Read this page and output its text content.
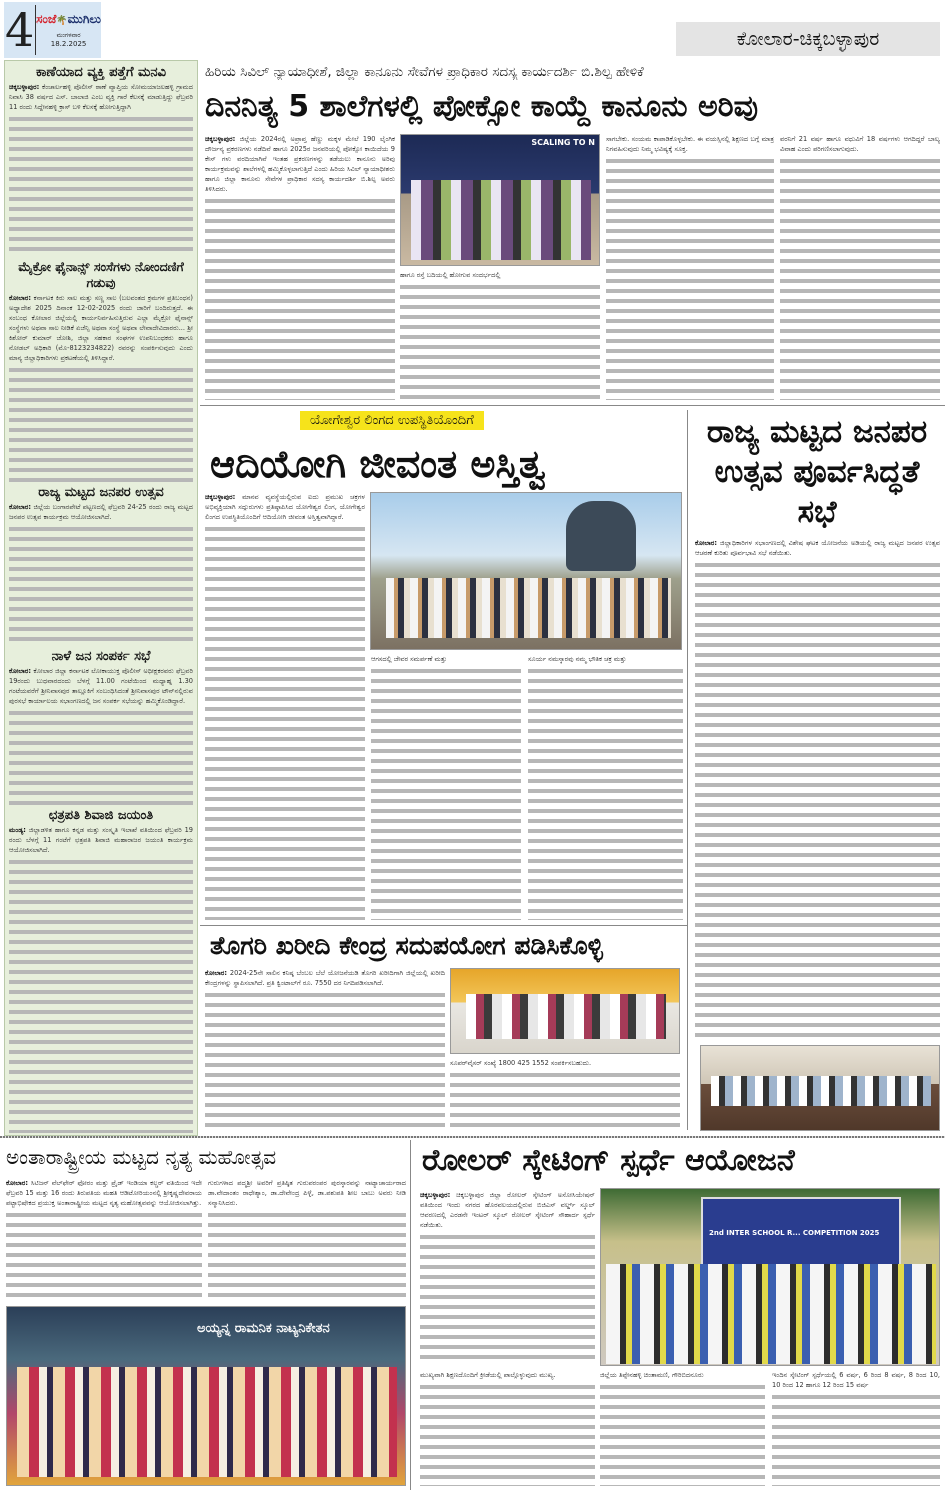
4 ಸಂಜೆ🌴ಮುಗಿಲು
ಮಂಗಳವಾರ
18.2.2025	ಕೋಲಾರ-ಚಿಕ್ಕಬಳ್ಳಾಪುರ
ಕಾಣೆಯಾದ ವ್ಯಕ್ತಿ ಪತ್ತೆಗೆ ಮನವಿ

ಚಿಕ್ಕಬಳ್ಳಾಪುರ: ಕೆಂಚಾರ್ಲಹಳ್ಳಿ ಪೊಲೀಸ್ ಠಾಣೆ ವ್ಯಾಪ್ತಿಯ ಸೋಮಯಾಜಲಹಳ್ಳಿ ಗ್ರಾಮದ ನಿವಾಸಿ 38 ವರ್ಷದ ಎಸ್. ಬಾಲಾಜಿ ಎಂಬ ವ್ಯಕ್ತಿ ಗಾರೆ ಕೆಲಸಕ್ಕೆ ಮಾಡುತ್ತಿದ್ದು ಫೆಬ್ರವರಿ 11 ರಂದು ಸಿದ್ದೇನಹಳ್ಳಿ ಕ್ರಾಸ್ ಬಳಿ ಕೆಲಸಕ್ಕೆ ಹೋಗುತ್ತಿದ್ದಾಗಿ

ಮೈಕ್ರೋ ಫೈನಾನ್ಸ್ ಸಂಸೆಗಳು ನೋಂದಣಿಗೆ ಗಡುವು

ಕೋಲಾರ: ಕರ್ನಾಟಕ ಕಿರು ಸಾಲ ಮತ್ತು ಸಣ್ಣ ಸಾಲ (ಬಲವಂತದ ಕ್ರಮಗಳ ಪ್ರತಿಬಂಧನ) ಅಧ್ಯಾದೇಶ 2025 ದಿನಾಂಕ 12-02-2025 ರಂದು ಜಾರಿಗೆ ಬಂದಿರುತ್ತದೆ. ಈ ಸಂಬಂಧ ಕೋಲಾರ ಜಿಲ್ಲೆಯಲ್ಲಿ ಕಾರ್ಯನಿರ್ವಹಿಸುತ್ತಿರುವ ಎಲ್ಲಾ ಮೈಕ್ರೋ ಫೈನಾನ್ಸ್ ಸಂಸ್ಥೆಗಳು ಅಥವಾ ಸಾಲ ನೀಡಿಕೆ ಏಜೆನ್ಸಿ ಅಥವಾ ಸಂಸ್ಥೆ ಅಥವಾ ಲೇವಾದೇವಿದಾರರು... ಶ್ರೀ ಕಿಶೋರ್ ಕುಮಾರ್ ಜೋಶಿ, ಜಿಲ್ಲಾ ಸಹಕಾರ ಸಂಘಗಳ ಉಪನಿಬಂಧಕರು ಹಾಗೂ ನೋಡಲ್ ಅಧಿಕಾರಿ (ಮೊ-8123234822) ರವರನ್ನು ಸಂಪರ್ಕಿಸುವುದು ಎಂದು ಮಾನ್ಯ ಜಿಲ್ಲಾಧಿಕಾರಿಗಳು ಪ್ರಕಟಣೆಯಲ್ಲಿ ತಿಳಿಸಿದ್ದಾರೆ.

ರಾಜ್ಯ ಮಟ್ಟದ ಜನಪರ ಉತ್ಸವ

ಕೋಲಾರ: ಜಿಲ್ಲೆಯ ಬಂಗಾರಪೇಟೆ ಪಟ್ಟಣದಲ್ಲಿ ಫೆಬ್ರವರಿ 24-25 ರಂದು ರಾಜ್ಯ ಮಟ್ಟದ ಜನಪರ ಉತ್ಸವ ಕಾರ್ಯಕ್ರಮ ಆಯೋಜಿಸಲಾಗಿದೆ.

ನಾಳೆ ಜನ ಸಂಪರ್ಕ ಸಭೆ

ಕೋಲಾರ: ಕೋಲಾರ ಜಿಲ್ಲಾ ಕರ್ನಾಟಕ ಲೋಕಾಯುಕ್ತ ಪೊಲೀಸ್ ಅಧೀಕ್ಷಕರವರು ಫೆಬ್ರವರಿ 19ರಂದು ಬುಧವಾರದಂದು ಬೆಳಗ್ಗೆ 11.00 ಗಂಟೆಯಿಂದ ಮಧ್ಯಾಹ್ನ 1.30 ಗಂಟೆಯವರೆಗೆ ಶ್ರೀನಿವಾಸಪುರ ತಾಲ್ಲೂಕಿಗೆ ಸಂಬಂಧಿಸಿದಂತೆ ಶ್ರೀನಿವಾಸಪುರ ಟೌನ್‌ನಲ್ಲಿರುವ ಪುರಸಭೆ ಕಾರ್ಯಾಲಯ ಸಭಾಂಗಣದಲ್ಲಿ ಜನ ಸಂಪರ್ಕ ಸಭೆಯನ್ನು ಹಮ್ಮಿಕೊಂಡಿದ್ದಾರೆ.

ಛತ್ರಪತಿ ಶಿವಾಜಿ ಜಯಂತಿ

ಮಂಡ್ಯ: ಜಿಲ್ಲಾಡಳಿತ ಹಾಗೂ ಕನ್ನಡ ಮತ್ತು ಸಂಸ್ಕೃತಿ ಇಲಾಖೆ ವತಿಯಿಂದ ಫೆಬ್ರವರಿ 19 ರಂದು ಬೆಳಗ್ಗೆ 11 ಗಂಟೆಗೆ ಛತ್ರಪತಿ ಶಿವಾಜಿ ಮಹಾರಾಜರ ಜಯಂತಿ ಕಾರ್ಯಕ್ರಮ ಆಯೋಜಿಸಲಾಗಿದೆ.

ಹಿರಿಯ ಸಿವಿಲ್ ನ್ಯಾಯಾಧೀಶೆ, ಜಿಲ್ಲಾ ಕಾನೂನು ಸೇವೆಗಳ ಪ್ರಾಧಿಕಾರ ಸದಸ್ಯ ಕಾರ್ಯದರ್ಶಿ ಬಿ.ಶಿಲ್ಪ ಹೇಳಿಕೆ
ದಿನನಿತ್ಯ 5 ಶಾಲೆಗಳಲ್ಲಿ ಪೋಕ್ಸೋ ಕಾಯ್ದೆ ಕಾನೂನು ಅರಿವು

ಚಿಕ್ಕಬಳ್ಳಾಪುರ: ಜಿಲ್ಲೆಯ 2024ರಲ್ಲಿ ಅಪ್ರಾಪ್ತ ಹೆಣ್ಣು ಮಕ್ಕಳ ಮೇಲೆ 190 ಲೈಂಗಿಕ ದೌರ್ಜನ್ಯ ಪ್ರಕರಣಗಳು ನಡೆದಿವೆ ಹಾಗೂ 2025ರ ಜನವರಿಯಲ್ಲಿ ಪೋಕ್ಸೋ ಕಾಯಿದೆಯ 9 ಕೇಸ್ ಗಳು ವರದಿಯಾಗಿವೆ ಇಂತಹ ಪ್ರಕರಣಗಳನ್ನು ತಡೆಯಲು ಕಾನೂನು ಅರಿವು ಕಾರ್ಯಕ್ರಮವನ್ನು ಶಾಲೆಗಳಲ್ಲಿ ಹಮ್ಮಿಕೊಳ್ಳಲಾಗುತ್ತಿದೆ ಎಂದು ಹಿರಿಯ ಸಿವಿಲ್ ನ್ಯಾಯಾಧೀಶರು ಹಾಗೂ ಜಿಲ್ಲಾ ಕಾನೂನು ಸೇವೆಗಳ ಪ್ರಾಧಿಕಾರ ಸದಸ್ಯ ಕಾರ್ಯದರ್ಶಿ ಬಿ.ಶಿಲ್ಪ ಅವರು ತಿಳಿಸಿದರು.

SCALING TO N

ಹಾಗೂ ರಸ್ತೆ ಬದಿಯಲ್ಲಿ ಹೋಗುವ ಸಂದರ್ಭದಲ್ಲಿ

ಸಾಗಬೇಕು. ಸಂಯಮ ಕಾಪಾಡಿಕೊಳ್ಳಬೇಕು. ಈ ವಯಸ್ಸಿನಲ್ಲಿ ಶಿಕ್ಷಣದ ಬಗ್ಗೆ ಮಾತ್ರ ನಿಗವಹಿಸುವುದು ನಿಮ್ಮ ಭವಿಷ್ಯಕ್ಕೆ ಸೂಕ್ತ.

ವರನಿಗೆ 21 ವರ್ಷ ಹಾಗೂ ವಧುವಿಗೆ 18 ವರ್ಷಗಳು ಆಗದಿದ್ದರೆ ಬಾಲ್ಯ ವಿವಾಹ ಎಂದು ಪರಿಗಣಿಸಲಾಗುವುದು.

ಯೋಗೇಶ್ವರ ಲಿಂಗದ ಉಪಸ್ಥಿತಿಯೊಂದಿಗೆ
ಆದಿಯೋಗಿ ಜೀವಂತ ಅಸ್ತಿತ್ವ

ಚಿಕ್ಕಬಳ್ಳಾಪುರ: ಮಾನವ ವ್ಯವಸ್ಥೆಯಲ್ಲಿರುವ ಐದು ಪ್ರಮುಖ ಚಕ್ರಗಳ ಅಭಿವ್ಯಕ್ತಿಯಾಗಿ ಸದ್ಗುರುಗಳು ಪ್ರತಿಷ್ಠಾಪಿಸಿದ ಯೋಗೇಶ್ವರ ಲಿಂಗ, ಯೋಗೇಶ್ವರ ಲಿಂಗದ ಉಪಸ್ಥಿತಿಯೊಂದಿಗೆ ಆದಿಯೋಗಿ ಜೀವಂತ ಅಸ್ತಿತ್ವವಾಗಿದ್ದಾರೆ.

ಆಗಸದಲ್ಲಿ ಜೇವರ ಸಮರ್ಪಣೆ ಮತ್ತು	ಸೂರ್ಯ ನಮಸ್ಕಾರವು ನಮ್ಮ ಭೌತಿಕ ಚಕ್ರ ಮತ್ತು

ರಾಜ್ಯ ಮಟ್ಟದ ಜನಪರ ಉತ್ಸವ ಪೂರ್ವಸಿದ್ಧತೆ ಸಭೆ

ಕೋಲಾರ: ಜಿಲ್ಲಾಧಿಕಾರಿಗಳ ಸಭಾಂಗಣದಲ್ಲಿ ವಿಶೇಷ ಘಟಕ ಯೋಜನೆಯ ಅಡಿಯಲ್ಲಿ ರಾಜ್ಯ ಮಟ್ಟದ ಜನಪರ ಉತ್ಸವ ಆಚರಣೆ ಕುರಿತು ಪೂರ್ವಭಾವಿ ಸಭೆ ನಡೆಯಿತು.

ತೊಗರಿ ಖರೀದಿ ಕೇಂದ್ರ ಸದುಪಯೋಗ ಪಡಿಸಿಕೊಳ್ಳಿ

ಕೋಲಾರ: 2024-25ನೇ ಸಾಲಿನ ಕನಿಷ್ಠ ಬೆಂಬಲ ಬೆಲೆ ಯೋಜನೆಯಡಿ ತೊಗರಿ ಖರೀದಿಗಾಗಿ ಜಿಲ್ಲೆಯಲ್ಲಿ ಖರೀದಿ ಕೇಂದ್ರಗಳನ್ನು ಸ್ಥಾಪಿಸಲಾಗಿದೆ. ಪ್ರತಿ ಕ್ವಿಂಟಾಲ್‌ಗೆ ರೂ. 7550 ದರ ನಿಗದಿಪಡಿಸಲಾಗಿದೆ.

ಸೂಪರ್‌ವೈಸರ್ ಸಂಖ್ಯೆ 1800 425 1552 ಸಂಪರ್ಕಿಸಬಹುದು.

ಅಂತಾರಾಷ್ಟ್ರೀಯ ಮಟ್ಟದ ನೃತ್ಯ ಮಹೋತ್ಸವ

ಕೋಲಾರ: ಸಿಟಿಜನ್ ವೆಲ್‌ಫೇರ್ ಫೋರಂ ಮತ್ತು ಪ್ರೈಡ್ ಇಂಡಿಯಾ ಕಲ್ಚರ್ ವತಿಯಿಂದ ಇದೇ ಫೆಬ್ರವರಿ 15 ಮತ್ತು 16 ರಂದು ತಿರುಪತಿಯ ಮಹತಿ ಆಡಿಟೋರಿಯಂನಲ್ಲಿ ಶ್ರೀಕೃಷ್ಣದೇವರಾಯ ಪಟ್ಟಾಭಿಷೇಕದ ಪ್ರಯುಕ್ತ ಅಂತಾರಾಷ್ಟ್ರೀಯ ಮಟ್ಟದ ನೃತ್ಯ ಮಹೋತ್ಸವವನ್ನು ಆಯೋಜಿಸಲಾಗಿತ್ತು.

ಗುರುಗಳಾದ ಪದ್ಮಶ್ರೀ ಅವರಿಗೆ ಪ್ರತಿಷ್ಠಿತ ಗುರುಪರಂಪರ ಪುರಸ್ಕಾರವನ್ನು ನಾಟ್ಯಾಚಾರ್ಯರಾದ ಡಾ.ವೇದಾಂತಂ ರಾಧೇಶ್ಯಾಂ, ಡಾ.ದೇವೇಂದ್ರ ಪಿಳ್ಳೆ, ಡಾ.ಪಶುಪತಿ ಶೀಲ ಬಾಬು ಅವರು ನೀಡಿ ಸನ್ಮಾನಿಸಿದರು.

ಅಯ್ಯನ್ನ ರಾಮನಿಕ ನಾಟ್ಯನಿಕೇತನ
ರೋಲರ್ ಸ್ಕೇಟಿಂಗ್ ಸ್ಪರ್ಧೆ ಆಯೋಜನೆ

ಚಿಕ್ಕಬಳ್ಳಾಪುರ: ಚಿಕ್ಕಬಳ್ಳಾಪುರ ಜಿಲ್ಲಾ ರೋಲರ್ ಸ್ಕೇಟಿಂಗ್ ಅಸೋಸಿಯೇಷನ್ ವತಿಯಿಂದ ಇಂದು ನಗರದ ಹೊರವಲಯದಲ್ಲಿರುವ ಬಿಜಿಎಸ್ ವರ್ಲ್ಡ್ ಸ್ಕೂಲ್ ಆವರಣದಲ್ಲಿ ಎರಡನೇ ಇಂಟರ್ ಸ್ಕೂಲ್ ರೋಲರ್ ಸ್ಕೇಟಿಂಗ್ ಸೌಹಾರ್ದ ಸ್ಪರ್ಧೆ ನಡೆಯಿತು.

2nd INTER SCHOOL R... COMPETITION 2025

ಮುಖ್ಯವಾಗಿ ಶಿಕ್ಷಣದೊಂದಿಗೆ ಕ್ರೀಡೆಯಲ್ಲಿ ಪಾಲ್ಗೊಳ್ಳುವುದು ಮುಖ್ಯ.	ಜಿಲ್ಲೆಯ ತಿಪ್ಪೇನಹಳ್ಳಿ ಚಿಂತಾಮಣಿ, ಗೌರಿಬಿದನೂರು	ಇಂದಿನ ಸ್ಕೇಟಿಂಗ್ ಸ್ಪರ್ಧೆಯಲ್ಲಿ 6 ವರ್ಷ, 6 ರಿಂದ 8 ವರ್ಷ, 8 ರಿಂದ 10, 10 ರಿಂದ 12 ಹಾಗೂ 12 ರಿಂದ 15 ವರ್ಷ
